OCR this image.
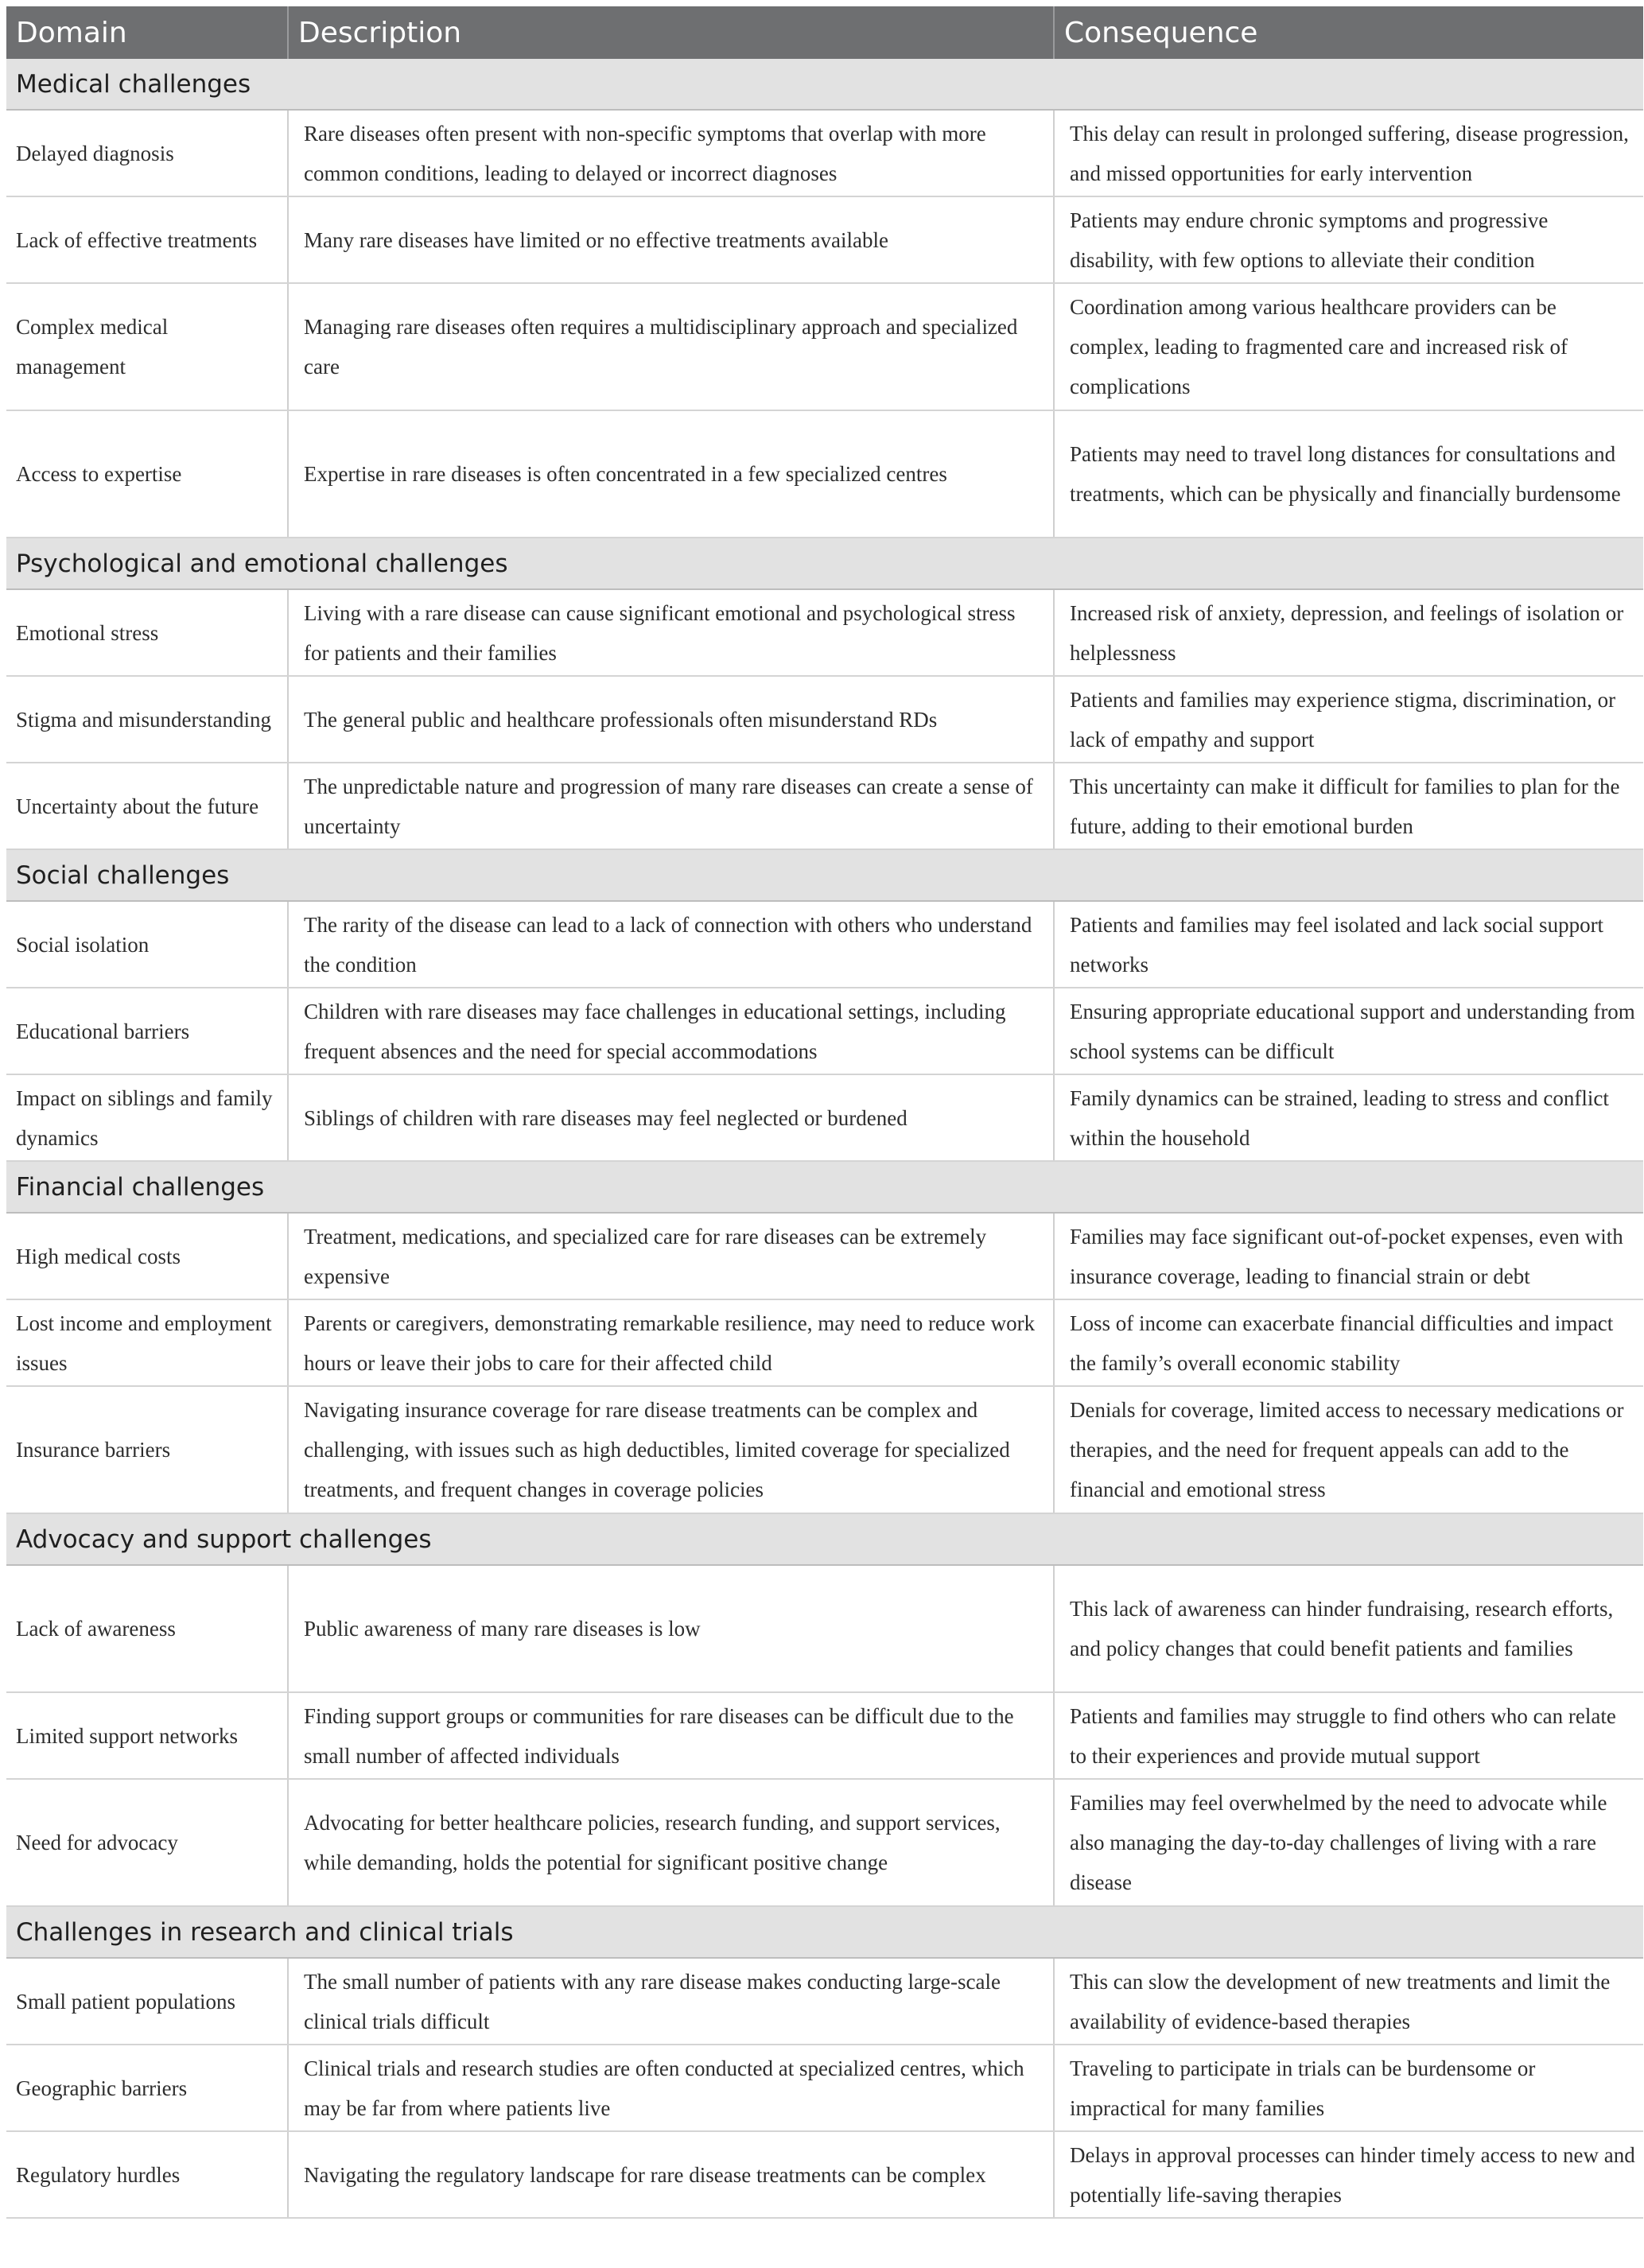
Domain	Description	Consequence
Medical challenges		
Delayed diagnosis	Rare diseases often present with non-specific symptoms that overlap with more common conditions, leading to delayed or incorrect diagnoses	This delay can result in prolonged suffering, disease progression, and missed opportunities for early intervention
Lack of effective treatments	Many rare diseases have limited or no effective treatments available	Patients may endure chronic symptoms and progressive disability, with few options to alleviate their condition
Complex medical management	Managing rare diseases often requires a multidisciplinary approach and specialized care	Coordination among various healthcare providers can be complex, leading to fragmented care and increased risk of complications
Access to expertise	Expertise in rare diseases is often concentrated in a few specialized centres	Patients may need to travel long distances for consultations and treatments, which can be physically and financially burdensome
Psychological and emotional challenges		
Emotional stress	Living with a rare disease can cause significant emotional and psychological stress for patients and their families	Increased risk of anxiety, depression, and feelings of isolation or helplessness
Stigma and misunderstanding	The general public and healthcare professionals often misunderstand RDs	Patients and families may experience stigma, discrimination, or lack of empathy and support
Uncertainty about the future	The unpredictable nature and progression of many rare diseases can create a sense of uncertainty	This uncertainty can make it difficult for families to plan for the future, adding to their emotional burden
Social challenges		
Social isolation	The rarity of the disease can lead to a lack of connection with others who understand the condition	Patients and families may feel isolated and lack social support networks
Educational barriers	Children with rare diseases may face challenges in educational settings, including frequent absences and the need for special accommodations	Ensuring appropriate educational support and understanding from school systems can be difficult
Impact on siblings and family dynamics	Siblings of children with rare diseases may feel neglected or burdened	Family dynamics can be strained, leading to stress and conflict within the household
Financial challenges		
High medical costs	Treatment, medications, and specialized care for rare diseases can be extremely expensive	Families may face significant out-of-pocket expenses, even with insurance coverage, leading to financial strain or debt
Lost income and employment issues	Parents or caregivers, demonstrating remarkable resilience, may need to reduce work hours or leave their jobs to care for their affected child	Loss of income can exacerbate financial difficulties and impact the family’s overall economic stability
Insurance barriers	Navigating insurance coverage for rare disease treatments can be complex and challenging, with issues such as high deductibles, limited coverage for specialized treatments, and frequent changes in coverage policies	Denials for coverage, limited access to necessary medications or therapies, and the need for frequent appeals can add to the financial and emotional stress
Advocacy and support challenges		
Lack of awareness	Public awareness of many rare diseases is low	This lack of awareness can hinder fundraising, research efforts, and policy changes that could benefit patients and families
Limited support networks	Finding support groups or communities for rare diseases can be difficult due to the small number of affected individuals	Patients and families may struggle to find others who can relate to their experiences and provide mutual support
Need for advocacy	Advocating for better healthcare policies, research funding, and support services, while demanding, holds the potential for significant positive change	Families may feel overwhelmed by the need to advocate while also managing the day-to-day challenges of living with a rare disease
Challenges in research and clinical trials		
Small patient populations	The small number of patients with any rare disease makes conducting large-scale clinical trials difficult	This can slow the development of new treatments and limit the availability of evidence-based therapies
Geographic barriers	Clinical trials and research studies are often conducted at specialized centres, which may be far from where patients live	Traveling to participate in trials can be burdensome or impractical for many families
Regulatory hurdles	Navigating the regulatory landscape for rare disease treatments can be complex	Delays in approval processes can hinder timely access to new and potentially life-saving therapies
